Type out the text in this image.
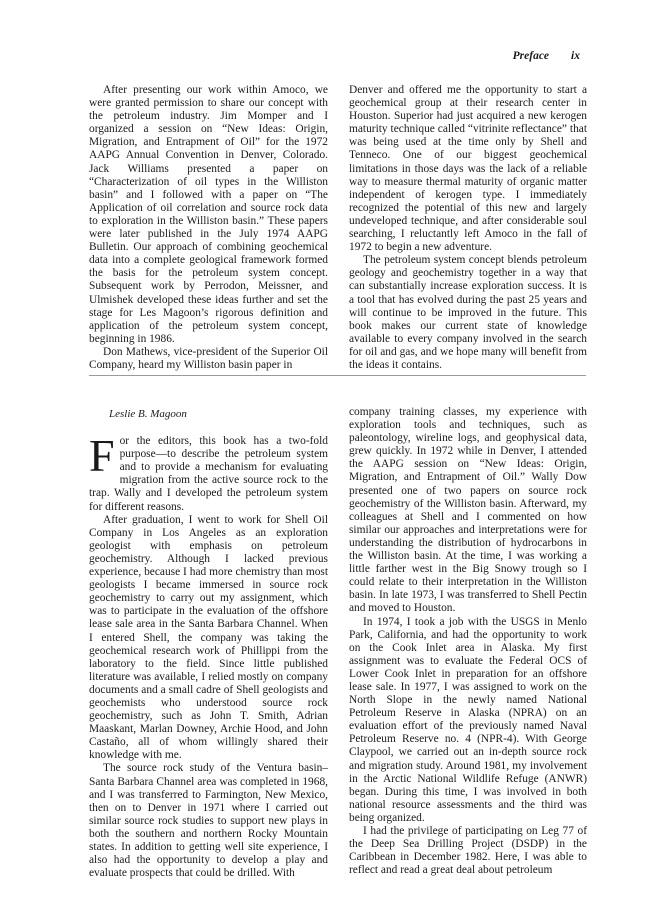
Preface ix

After presenting our work within Amoco, we were granted permission to share our concept with the petroleum industry. Jim Momper and I organized a session on “New Ideas: Origin, Migration, and Entrapment of Oil” for the 1972 AAPG Annual Convention in Denver, Colorado. Jack Williams presented a paper on “Characterization of oil types in the Williston basin” and I followed with a paper on “The Application of oil correlation and source rock data to exploration in the Williston basin.” These papers were later published in the July 1974 AAPG Bulletin. Our approach of combining geochemical data into a complete geological framework formed the basis for the petroleum system concept. Subsequent work by Perrodon, Meissner, and Ulmishek developed these ideas further and set the stage for Les Magoon’s rigorous definition and application of the petroleum system concept, beginning in 1986.

Don Mathews, vice-president of the Superior Oil Company, heard my Williston basin paper in

Denver and offered me the opportunity to start a geochemical group at their research center in Houston. Superior had just acquired a new kerogen maturity technique called “vitrinite reflectance” that was being used at the time only by Shell and Tenneco. One of our biggest geochemical limitations in those days was the lack of a reliable way to measure thermal maturity of organic matter independent of kerogen type. I immediately recognized the potential of this new and largely undeveloped technique, and after considerable soul searching, I reluctantly left Amoco in the fall of 1972 to begin a new adventure.

The petroleum system concept blends petroleum geology and geochemistry together in a way that can substantially increase exploration success. It is a tool that has evolved during the past 25 years and will continue to be improved in the future. This book makes our current state of knowledge available to every company involved in the search for oil and gas, and we hope many will benefit from the ideas it contains.

Leslie B. Magoon

For the editors, this book has a two-fold purpose—to describe the petroleum system and to provide a mechanism for evaluating migration from the active source rock to the trap. Wally and I developed the petroleum system for different reasons.

After graduation, I went to work for Shell Oil Company in Los Angeles as an exploration geologist with emphasis on petroleum geochemistry. Although I lacked previous experience, because I had more chemistry than most geologists I became immersed in source rock geochemistry to carry out my assignment, which was to participate in the evaluation of the offshore lease sale area in the Santa Barbara Channel. When I entered Shell, the company was taking the geochemical research work of Phillippi from the laboratory to the field. Since little published literature was available, I relied mostly on company documents and a small cadre of Shell geologists and geochemists who understood source rock geochemistry, such as John T. Smith, Adrian Maaskant, Marlan Downey, Archie Hood, and John Castaño, all of whom willingly shared their knowledge with me.

The source rock study of the Ventura basin–Santa Barbara Channel area was completed in 1968, and I was transferred to Farmington, New Mexico, then on to Denver in 1971 where I carried out similar source rock studies to support new plays in both the southern and northern Rocky Mountain states. In addition to getting well site experience, I also had the opportunity to develop a play and evaluate prospects that could be drilled. With

company training classes, my experience with exploration tools and techniques, such as paleontology, wireline logs, and geophysical data, grew quickly. In 1972 while in Denver, I attended the AAPG session on “New Ideas: Origin, Migration, and Entrapment of Oil.” Wally Dow presented one of two papers on source rock geochemistry of the Williston basin. Afterward, my colleagues at Shell and I commented on how similar our approaches and interpretations were for understanding the distribution of hydrocarbons in the Williston basin. At the time, I was working a little farther west in the Big Snowy trough so I could relate to their interpretation in the Williston basin. In late 1973, I was transferred to Shell Pectin and moved to Houston.

In 1974, I took a job with the USGS in Menlo Park, California, and had the opportunity to work on the Cook Inlet area in Alaska. My first assignment was to evaluate the Federal OCS of Lower Cook Inlet in preparation for an offshore lease sale. In 1977, I was assigned to work on the North Slope in the newly named National Petroleum Reserve in Alaska (NPRA) on an evaluation effort of the previously named Naval Petroleum Reserve no. 4 (NPR-4). With George Claypool, we carried out an in-depth source rock and migration study. Around 1981, my involvement in the Arctic National Wildlife Refuge (ANWR) began. During this time, I was involved in both national resource assessments and the third was being organized.

I had the privilege of participating on Leg 77 of the Deep Sea Drilling Project (DSDP) in the Caribbean in December 1982. Here, I was able to reflect and read a great deal about petroleum
